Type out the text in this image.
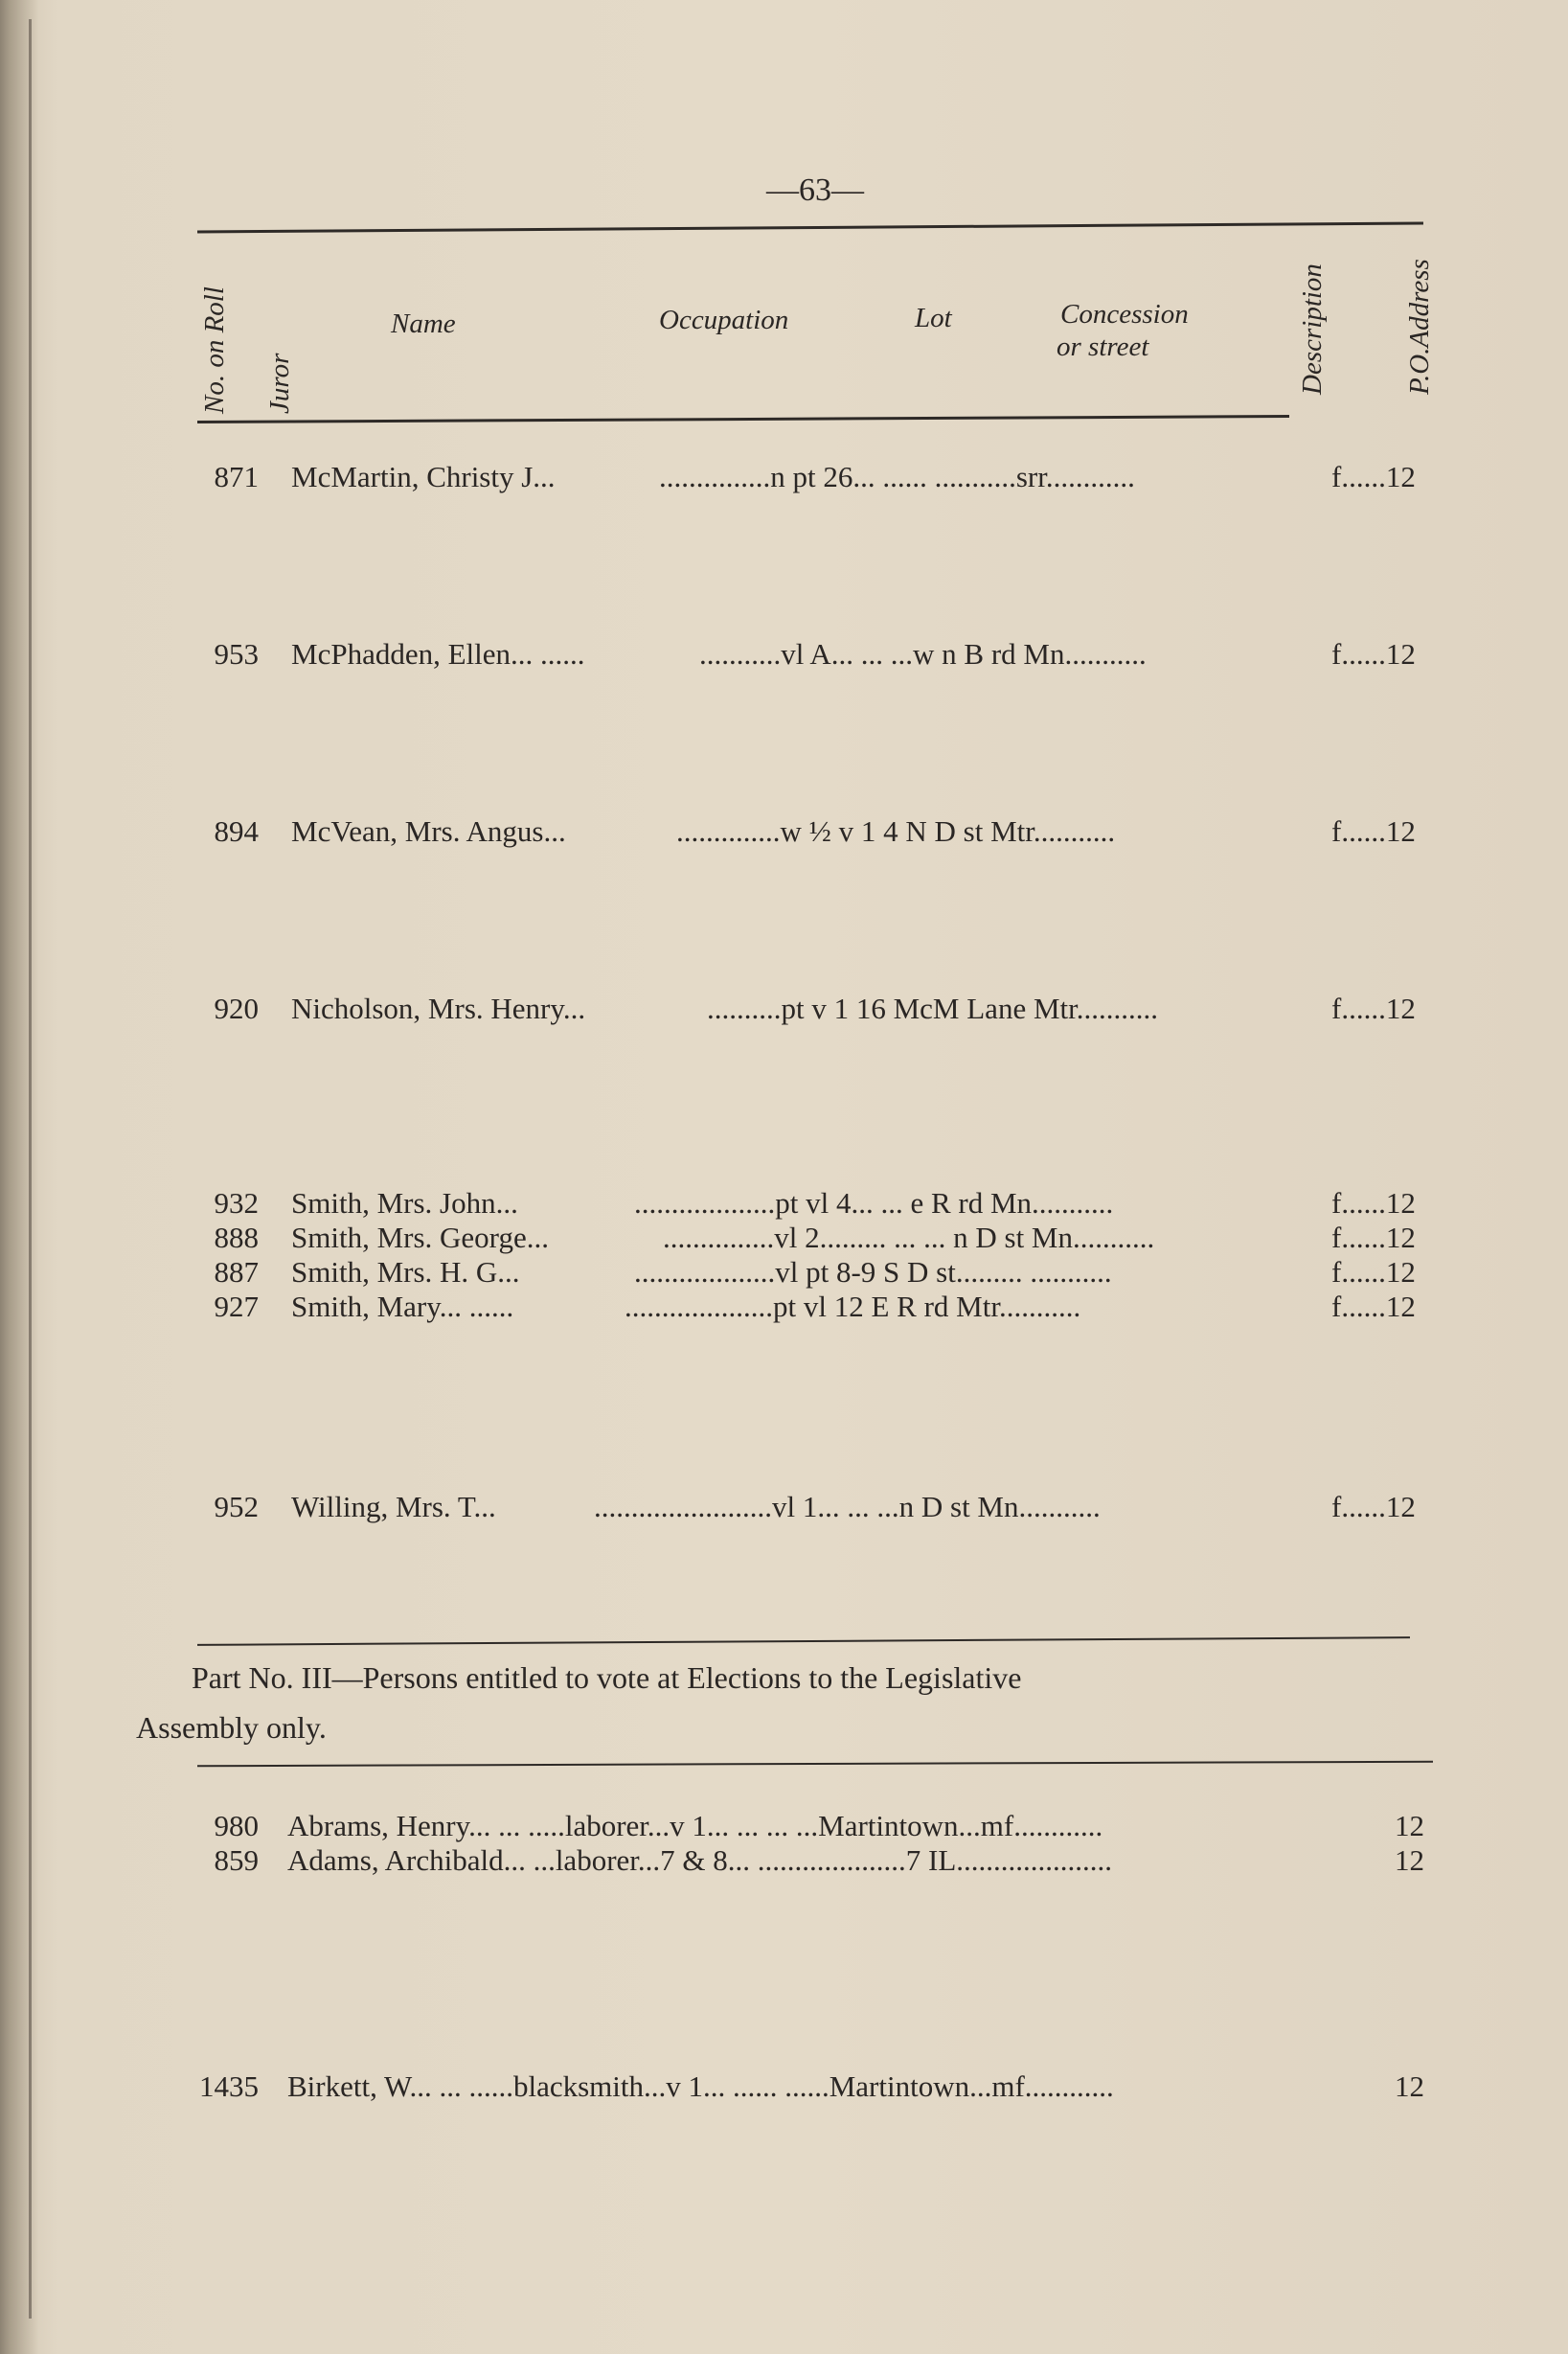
—63—
No. on Roll Juror
Name	Occupation	Lot	Concession
or street	Description	P.O.Address
871 McMartin, Christy J...	...............n pt 26... ...... ...........srr............	f......12
953 McPhadden, Ellen... ......	...........vl A... ... ...w n B rd Mn...........	f......12
894 McVean, Mrs. Angus...	..............w ½ v 1 4 N D st Mtr...........	f......12
920 Nicholson, Mrs. Henry...	..........pt v 1 16 McM Lane Mtr...........	f......12
932 Smith, Mrs. John...	...................pt vl 4... ... e R rd Mn...........	f......12
888 Smith, Mrs. George...	...............vl 2......... ... ... n D st Mn...........	f......12
887 Smith, Mrs. H. G...	...................vl pt 8-9 S D st......... ...........	f......12
927 Smith, Mary... ......	....................pt vl 12 E R rd Mtr...........	f......12
952 Willing, Mrs. T...	........................vl 1... ... ...n D st Mn...........	f......12
Part No. III—Persons entitled to vote at Elections to the Legislative
Assembly only.
980 Abrams, Henry... ... .....laborer...v 1... ... ... ...Martintown...mf............	12
859 Adams, Archibald... ...laborer...7 & 8... ....................7 IL.....................	12
1435 Birkett, W... ... ......blacksmith...v 1... ...... ......Martintown...mf............	12
